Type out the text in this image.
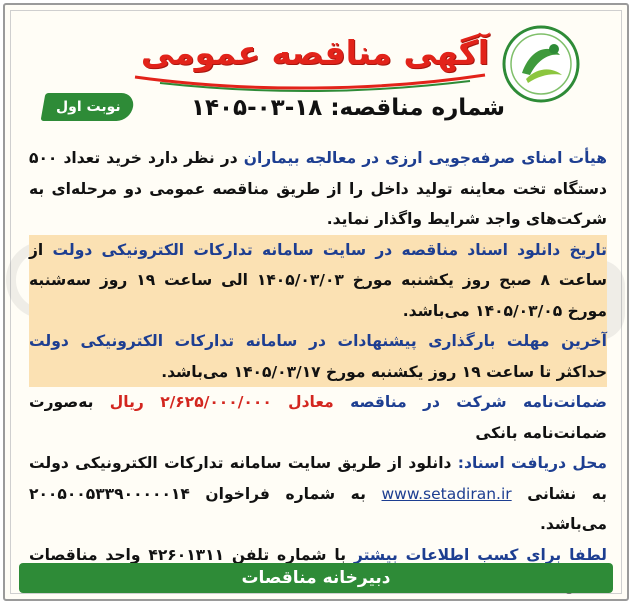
آگهی مناقصه عمومی
نوبت اول	شماره مناقصه: ۱۸-۰۳-۱۴۰۵

هیأت امنای صرفه‌جویی ارزی در معالجه بیماران در نظر دارد خرید تعداد ۵۰۰ دستگاه تخت معاینه تولید داخل را از طریق مناقصه عمومی دو مرحله‌ای به شرکت‌های واجد شرایط واگذار نماید.

تاریخ دانلود اسناد مناقصه در سایت سامانه تدارکات الکترونیکی دولت از ساعت ۸ صبح روز یکشنبه مورخ ۱۴۰۵/۰۳/۰۳ الی ساعت ۱۹ روز سه‌شنبه مورخ ۱۴۰۵/۰۳/۰۵ می‌باشد.

آخرین مهلت بارگذاری پیشنهادات در سامانه تدارکات الکترونیکی دولت حداکثر تا ساعت ۱۹ روز یکشنبه مورخ ۱۴۰۵/۰۳/۱۷ می‌باشد.

ضمانت‌نامه شرکت در مناقصه معادل ۲/۶۲۵/۰۰۰/۰۰۰ ریال به‌صورت ضمانت‌نامه بانکی

محل دریافت اسناد: دانلود از طریق سایت سامانه تدارکات الکترونیکی دولت به نشانی www.setadiran.ir به شماره فراخوان ۲۰۰۵۰۰۵۳۳۹۰۰۰۰۰۱۴ می‌باشد.

لطفا برای کسب اطلاعات بیشتر با شماره تلفن ۴۲۶۰۱۳۱۱ واحد مناقصات

دبیرخانه مناقصات
